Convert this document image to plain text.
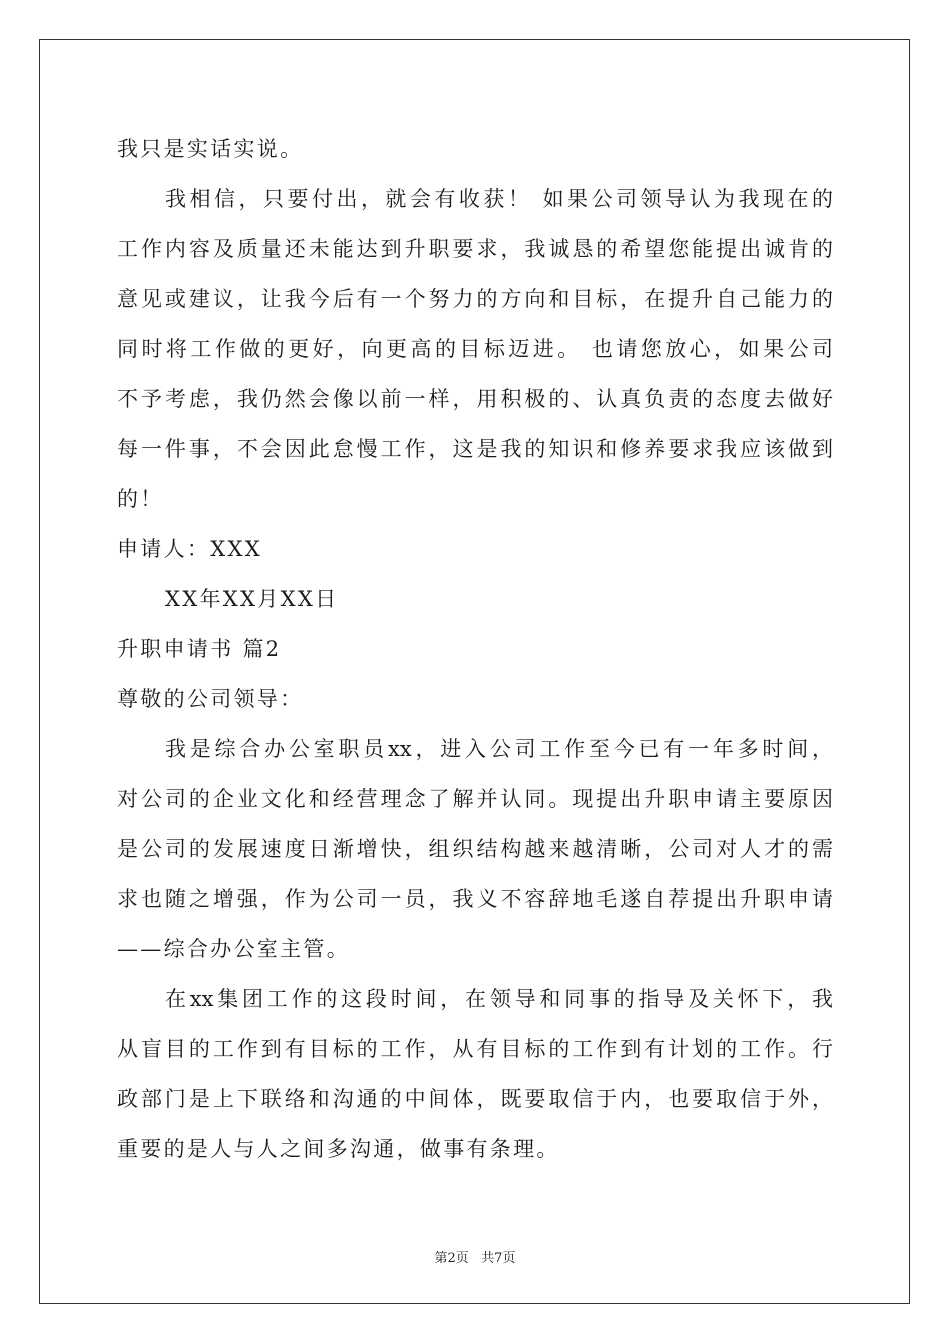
我只是实话实说。
我相信，只要付出，就会有收获！ 如果公司领导认为我现在的
工作内容及质量还未能达到升职要求，我诚恳的希望您能提出诚肯的
意见或建议，让我今后有一个努力的方向和目标，在提升自己能力的
同时将工作做的更好，向更高的目标迈进。 也请您放心，如果公司
不予考虑，我仍然会像以前一样，用积极的、认真负责的态度去做好
每一件事，不会因此怠慢工作，这是我的知识和修养要求我应该做到
的！
申请人：XXX
XX年XX月XX日
升职申请书 篇2
尊敬的公司领导：
我是综合办公室职员xx，进入公司工作至今已有一年多时间，
对公司的企业文化和经营理念了解并认同。现提出升职申请主要原因
是公司的发展速度日渐增快，组织结构越来越清晰，公司对人才的需
求也随之增强，作为公司一员，我义不容辞地毛遂自荐提出升职申请
——综合办公室主管。
在xx集团工作的这段时间，在领导和同事的指导及关怀下，我
从盲目的工作到有目标的工作，从有目标的工作到有计划的工作。行
政部门是上下联络和沟通的中间体，既要取信于内，也要取信于外，
重要的是人与人之间多沟通，做事有条理。
第2页   共7页
